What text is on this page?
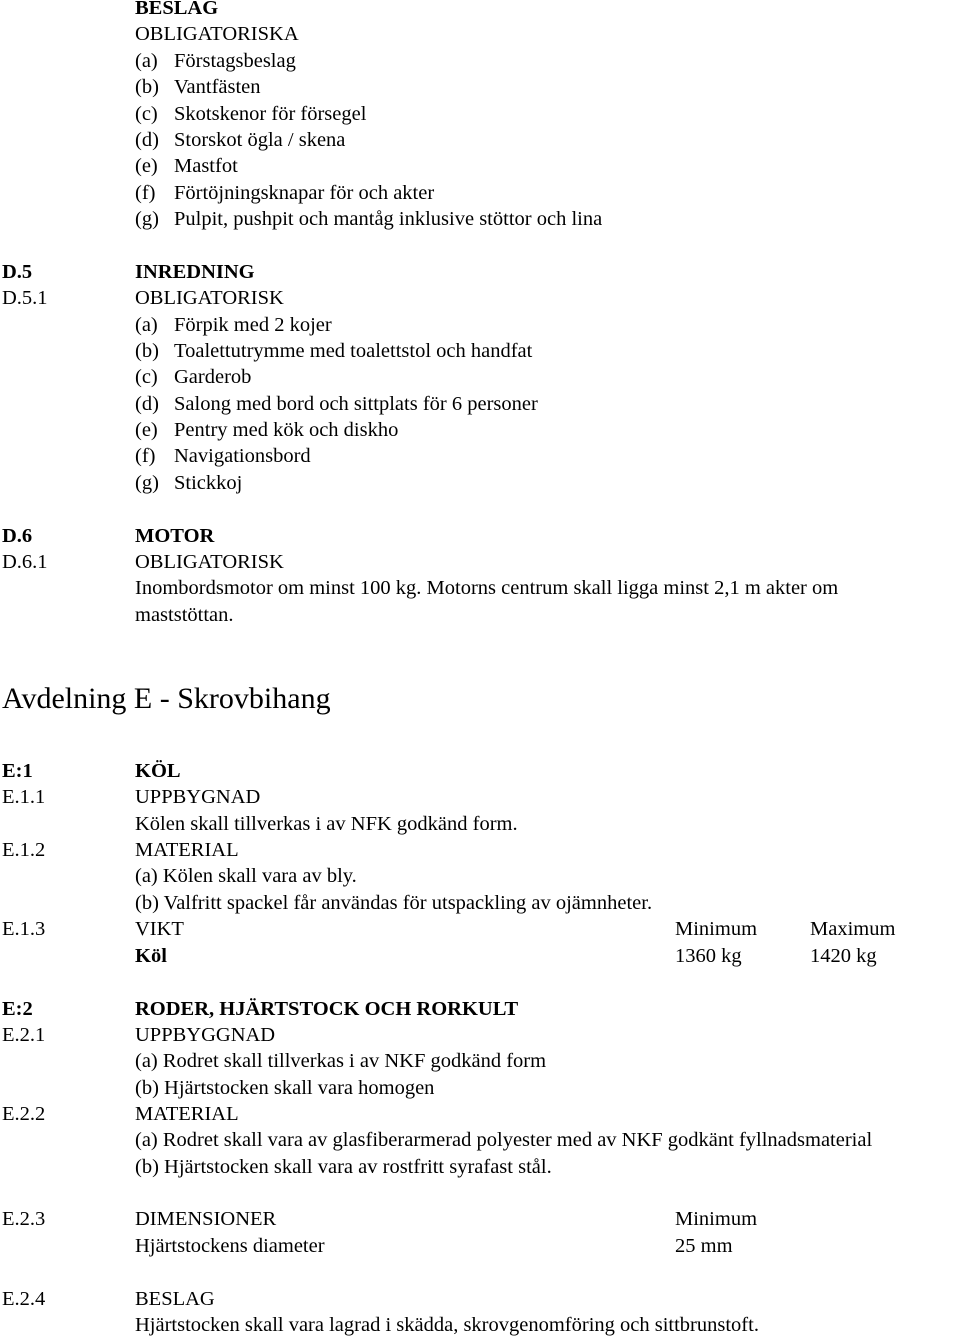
BESLAG
OBLIGATORISKA
(a) Förstagsbeslag
(b) Vantfästen
(c) Skotskenor för försegel
(d) Storskot ögla / skena
(e) Mastfot
(f) Förtöjningsknapar för och akter
(g) Pulpit, pushpit och mantåg inklusive stöttor och lina
D.5	INREDNING
D.5.1	OBLIGATORISK
(a) Förpik med 2 kojer
(b) Toalettutrymme med toalettstol och handfat
(c) Garderob
(d) Salong med bord och sittplats för 6 personer
(e) Pentry med kök och diskho
(f) Navigationsbord
(g) Stickkoj
D.6	MOTOR
D.6.1	OBLIGATORISK
Inombordsmotor om minst 100 kg. Motorns centrum skall ligga minst 2,1 m akter om
maststöttan.
Avdelning E - Skrovbihang
E:1	KÖL
E.1.1	UPPBYGNAD
Kölen skall tillverkas i av NFK godkänd form.
E.1.2	MATERIAL
(a) Kölen skall vara av bly.
(b) Valfritt spackel får användas för utspackling av ojämnheter.
E.1.3	VIKT	Minimum	Maximum
Köl	1360 kg	1420 kg
E:2	RODER, HJÄRTSTOCK OCH RORKULT
E.2.1	UPPBYGGNAD
(a) Rodret skall tillverkas i av NKF godkänd form
(b) Hjärtstocken skall vara homogen
E.2.2	MATERIAL
(a) Rodret skall vara av glasfiberarmerad polyester med av NKF godkänt fyllnadsmaterial
(b) Hjärtstocken skall vara av rostfritt syrafast stål.
E.2.3	DIMENSIONER	Minimum
Hjärtstockens diameter	25 mm
E.2.4	BESLAG
Hjärtstocken skall vara lagrad i skädda, skrovgenomföring och sittbrunstoft.
